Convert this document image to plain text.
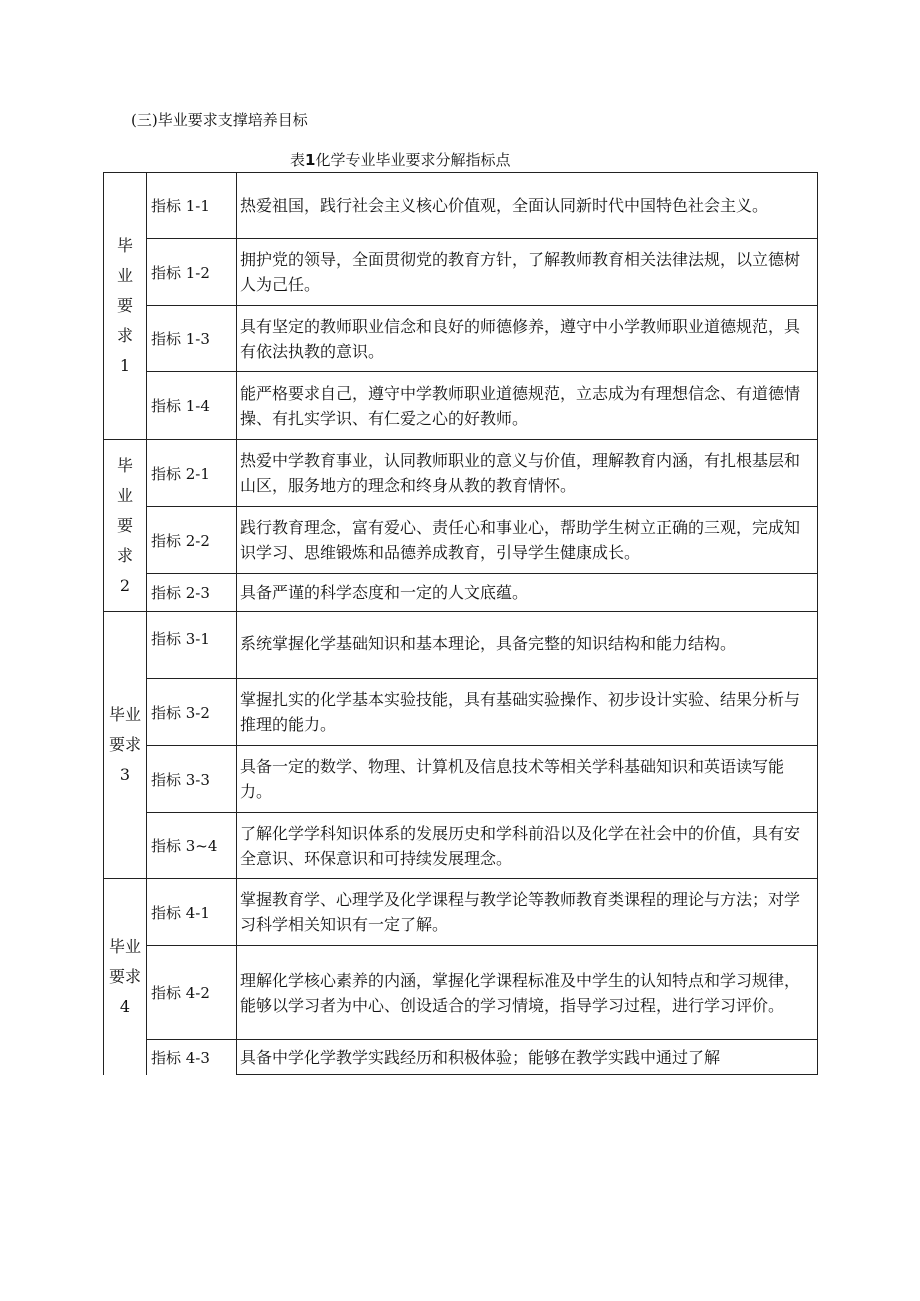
(三)毕业要求支撑培养目标
表1化学专业毕业要求分解指标点
毕
业
要
求
1	指标 1-1	热爱祖国，践行社会主义核心价值观，全面认同新时代中国特色社会主义。
	指标 1-2	拥护党的领导，全面贯彻党的教育方针，了解教师教育相关法律法规，以立德树人为己任。
	指标 1-3	具有坚定的教师职业信念和良好的师德修养，遵守中小学教师职业道德规范，具有依法执教的意识。
	指标 1-4	能严格要求自己，遵守中学教师职业道德规范，立志成为有理想信念、有道德情操、有扎实学识、有仁爱之心的好教师。

毕
业
要
求
2	指标 2-1	热爱中学教育事业，认同教师职业的意义与价值，理解教育内涵，有扎根基层和山区，服务地方的理念和终身从教的教育情怀。
	指标 2-2	践行教育理念，富有爱心、责任心和事业心，帮助学生树立正确的三观，完成知识学习、思维锻炼和品德养成教育，引导学生健康成长。
	指标 2-3	具备严谨的科学态度和一定的人文底蕴。

毕业
要求
3	指标 3-1	系统掌握化学基础知识和基本理论，具备完整的知识结构和能力结构。
	指标 3-2	掌握扎实的化学基本实验技能，具有基础实验操作、初步设计实验、结果分析与推理的能力。
	指标 3-3	具备一定的数学、物理、计算机及信息技术等相关学科基础知识和英语读写能力。
	指标 3~4	了解化学学科知识体系的发展历史和学科前沿以及化学在社会中的价值，具有安全意识、环保意识和可持续发展理念。

毕业
要求
4	指标 4-1	掌握教育学、心理学及化学课程与教学论等教师教育类课程的理论与方法；对学习科学相关知识有一定了解。
	指标 4-2	理解化学核心素养的内涵，掌握化学课程标准及中学生的认知特点和学习规律，能够以学习者为中心、创设适合的学习情境，指导学习过程，进行学习评价。
	指标 4-3	具备中学化学教学实践经历和积极体验；能够在教学实践中通过了解
